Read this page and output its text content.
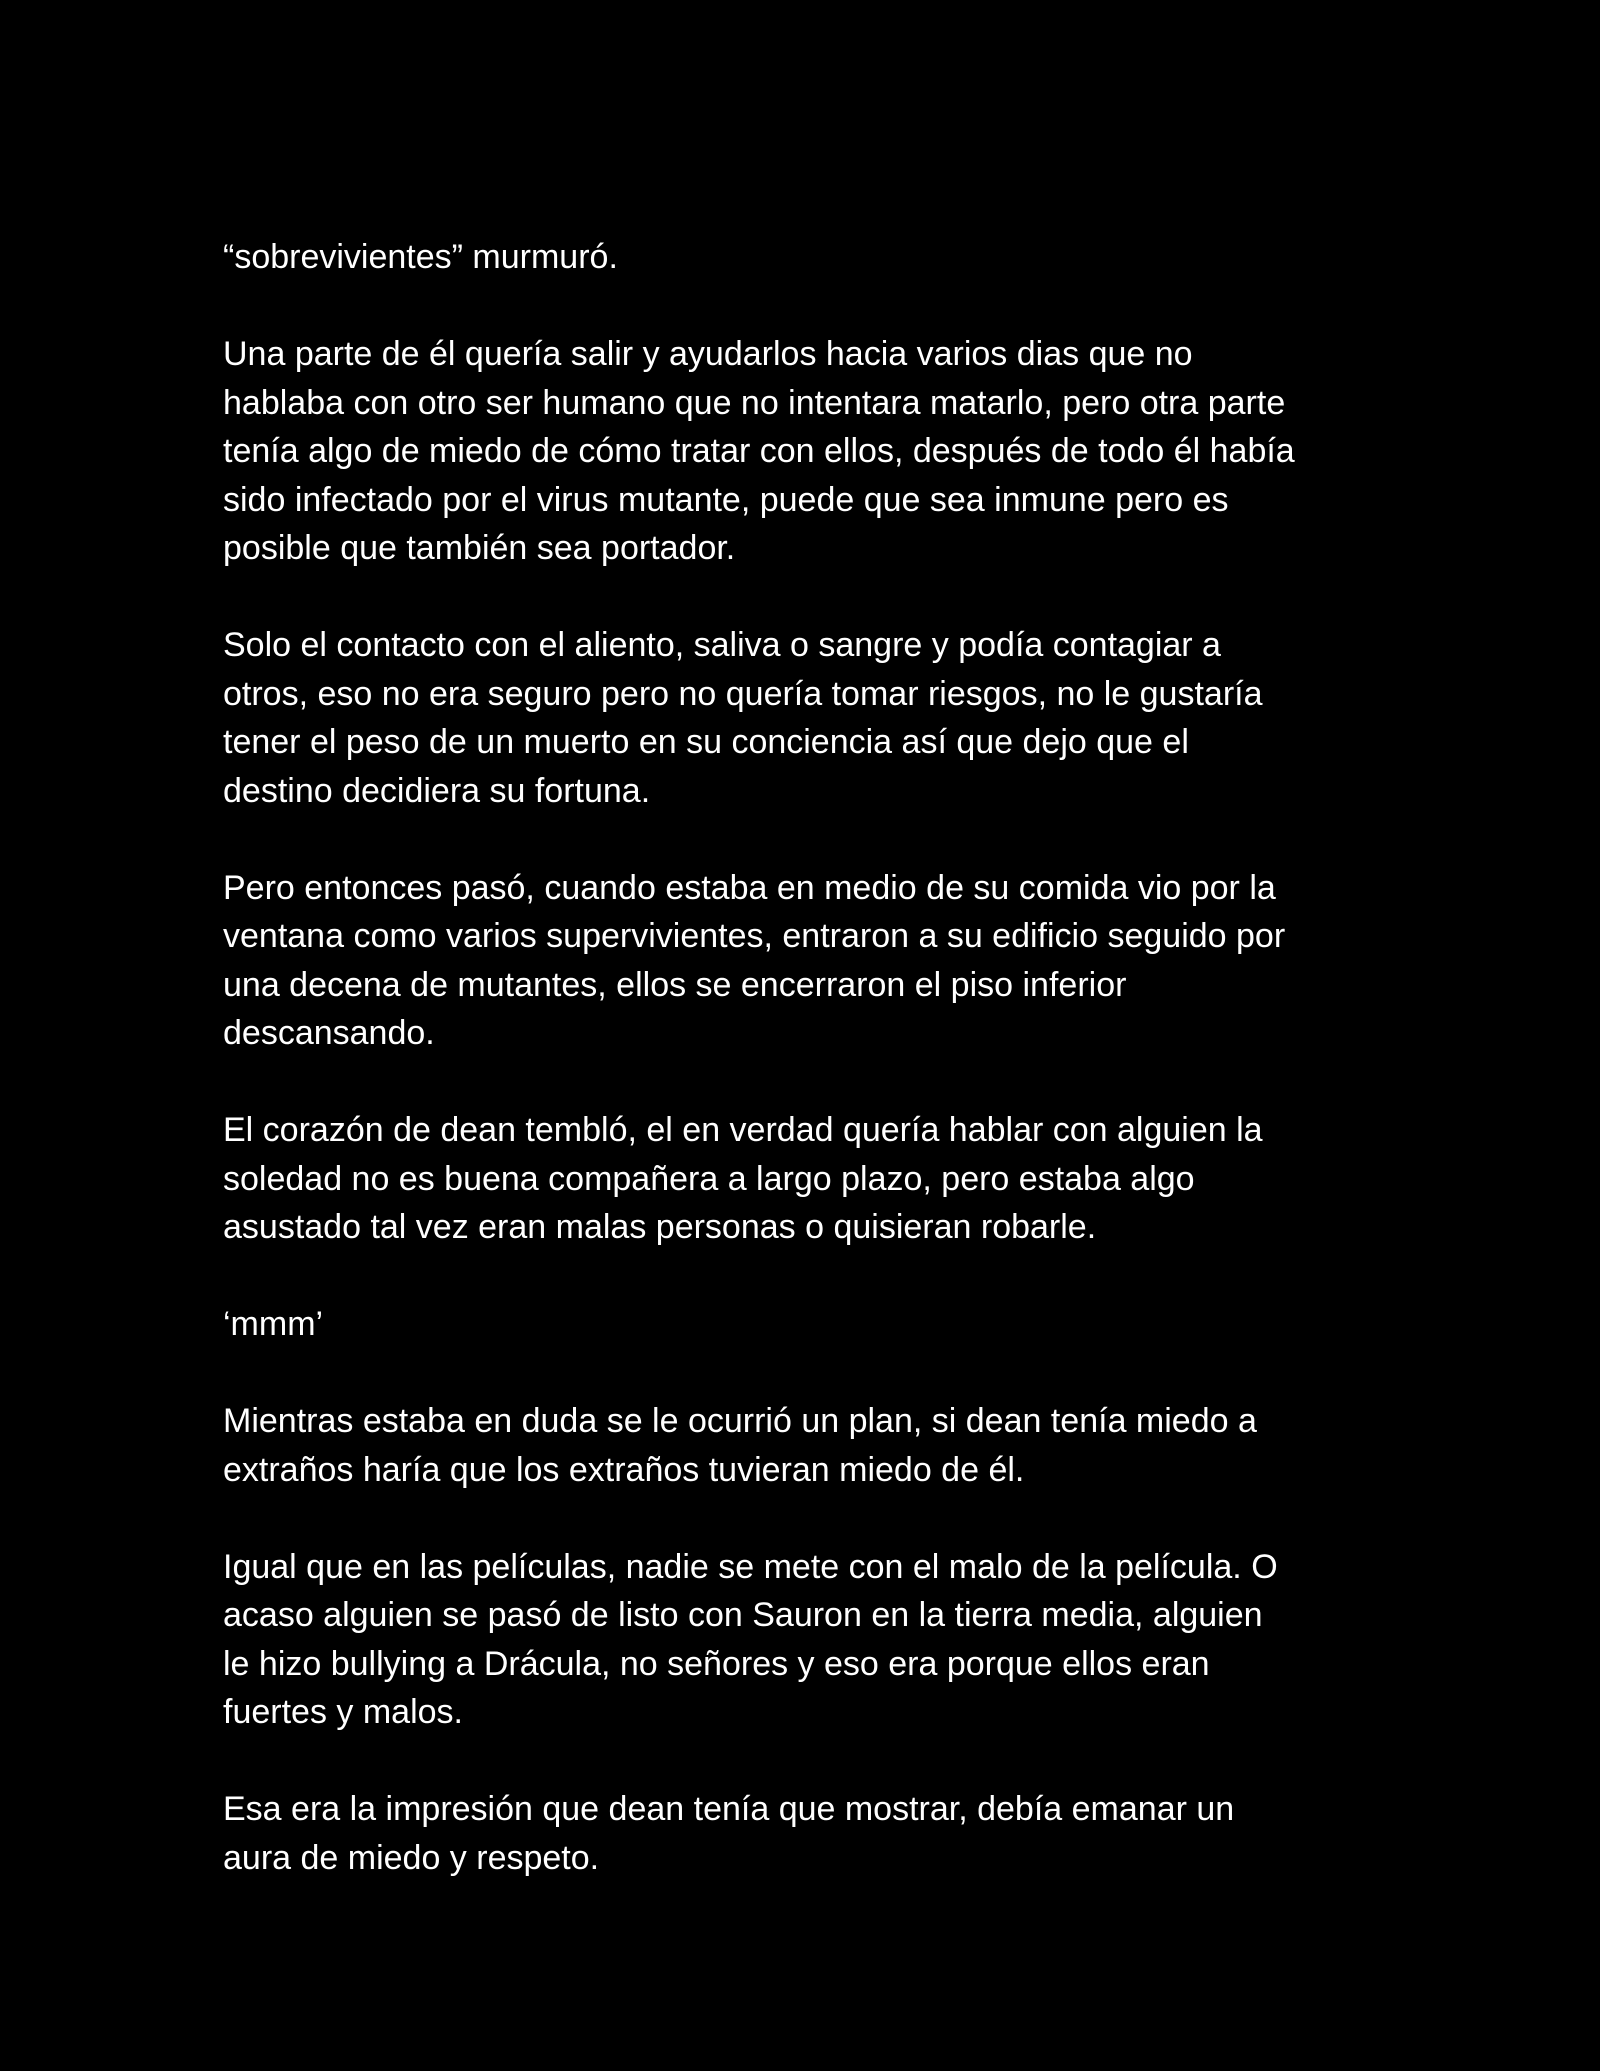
“sobrevivientes” murmuró.

Una parte de él quería salir y ayudarlos hacia varios dias que no
hablaba con otro ser humano que no intentara matarlo, pero otra parte
tenía algo de miedo de cómo tratar con ellos, después de todo él había
sido infectado por el virus mutante, puede que sea inmune pero es
posible que también sea portador.

Solo el contacto con el aliento, saliva o sangre y podía contagiar a
otros, eso no era seguro pero no quería tomar riesgos, no le gustaría
tener el peso de un muerto en su conciencia así que dejo que el
destino decidiera su fortuna.

Pero entonces pasó, cuando estaba en medio de su comida vio por la
ventana como varios supervivientes, entraron a su edificio seguido por
una decena de mutantes, ellos se encerraron el piso inferior
descansando.

El corazón de dean tembló, el en verdad quería hablar con alguien la
soledad no es buena compañera a largo plazo, pero estaba algo
asustado tal vez eran malas personas o quisieran robarle.

‘mmm’

Mientras estaba en duda se le ocurrió un plan, si dean tenía miedo a
extraños haría que los extraños tuvieran miedo de él.

Igual que en las películas, nadie se mete con el malo de la película. O
acaso alguien se pasó de listo con Sauron en la tierra media, alguien
le hizo bullying a Drácula, no señores y eso era porque ellos eran
fuertes y malos.

Esa era la impresión que dean tenía que mostrar, debía emanar un
aura de miedo y respeto.
